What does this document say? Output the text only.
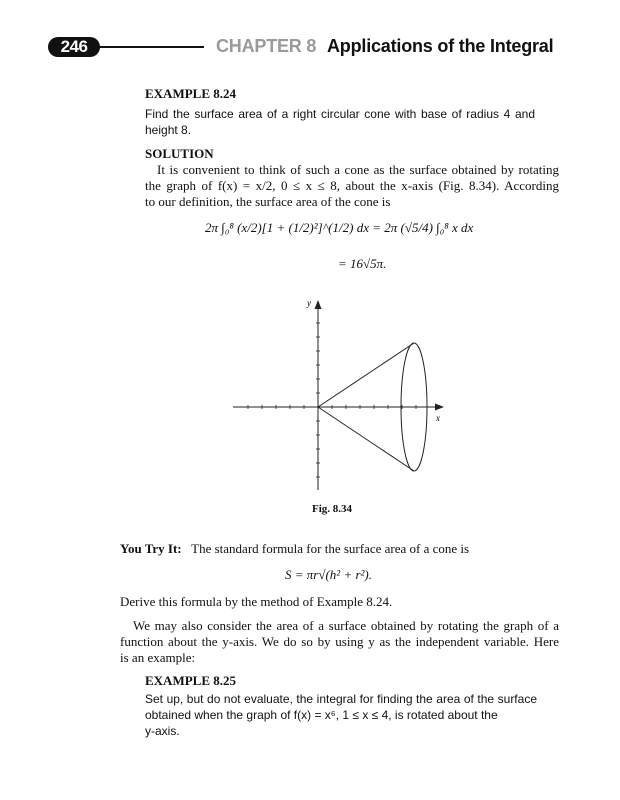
246	CHAPTER 8 Applications of the Integral
EXAMPLE 8.24
Find the surface area of a right circular cone with base of radius 4 and
height 8.
SOLUTION
It is convenient to think of such a cone as the surface obtained by rotating
the graph of f(x) = x/2, 0 ≤ x ≤ 8, about the x-axis (Fig. 8.34). According
to our definition, the surface area of the cone is
2π ∫₀⁸ (x/2)[1 + (1/2)²]^(1/2) dx = 2π (√5/4) ∫₀⁸ x dx
= 16√5π.
y
x
Fig. 8.34
You Try It: The standard formula for the surface area of a cone is
S = πr√(h² + r²).
Derive this formula by the method of Example 8.24.
We may also consider the area of a surface obtained by rotating the graph of a
function about the y-axis. We do so by using y as the independent variable. Here
is an example:
EXAMPLE 8.25
Set up, but do not evaluate, the integral for finding the area of the surface
obtained when the graph of f(x) = x⁶, 1 ≤ x ≤ 4, is rotated about the
y-axis.
